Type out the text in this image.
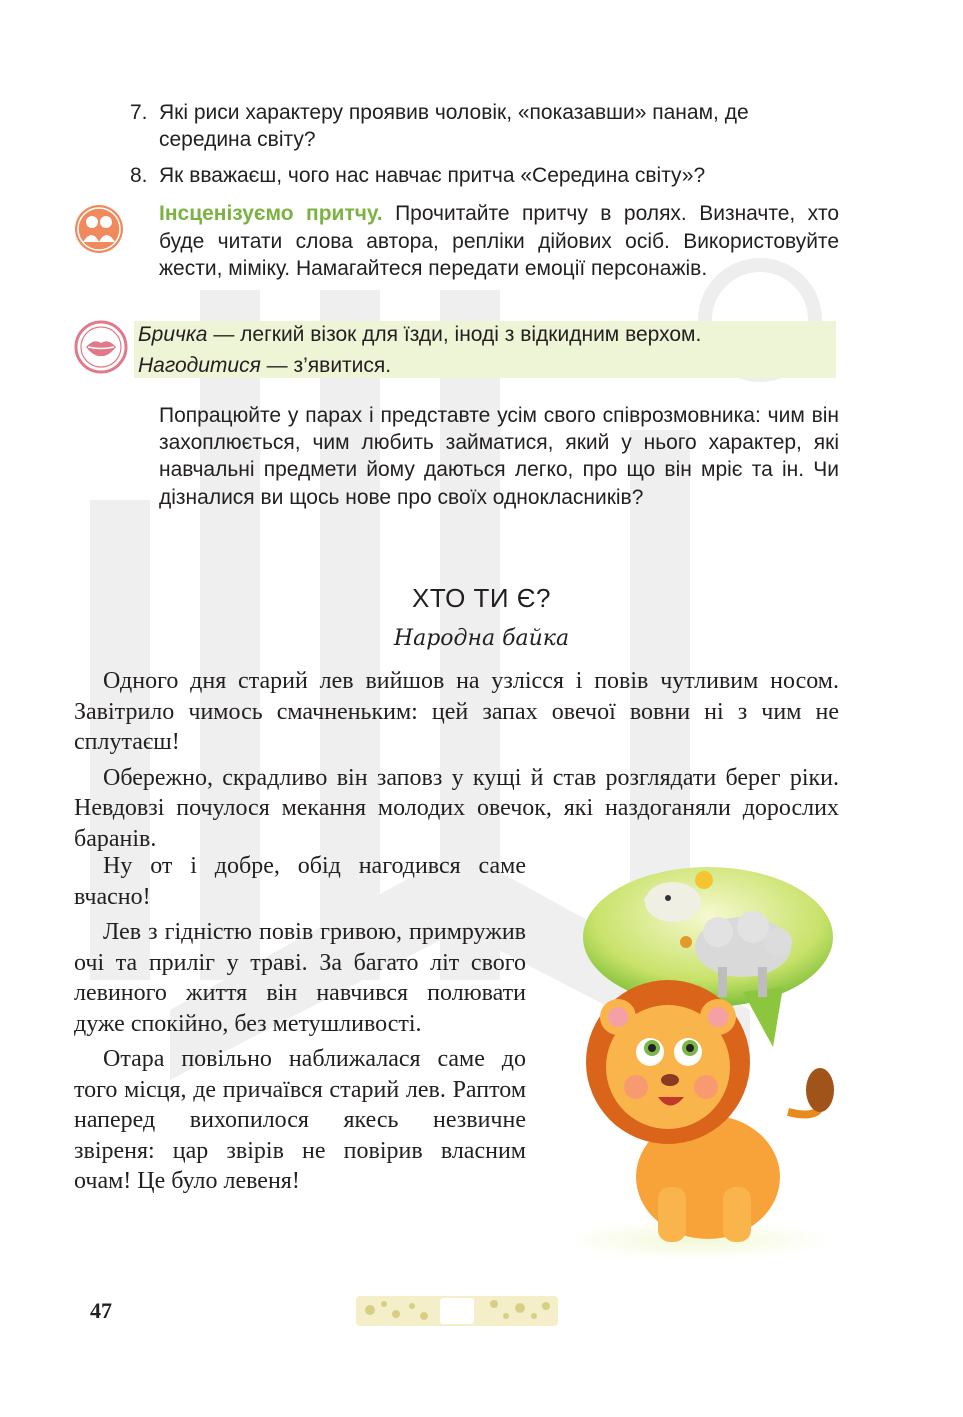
7. Які риси характеру проявив чоловік, «показавши» панам, де середина світу?
8. Як вважаєш, чого нас навчає притча «Середина світу»?
Інсценізуємо притчу. Прочитайте притчу в ролях. Визначте, хто буде читати слова автора, репліки дійових осіб. Використовуйте жести, міміку. Намагайтеся передати емоції персонажів.
Бричка — легкий візок для їзди, іноді з відкидним верхом.
Нагодитися — з’явитися.
Попрацюйте у парах і представте усім свого співрозмовника: чим він захоплюється, чим любить займатися, який у нього характер, які навчальні предмети йому даються легко, про що він мріє та ін. Чи дізналися ви щось нове про своїх однокласників?
ХТО ТИ Є?
Народна байка

Одного дня старий лев вийшов на узлісся і повів чутливим носом. Завітрило чимось смачненьким: цей запах овечої вовни ні з чим не сплутаєш!

Обережно, скрадливо він заповз у кущі й став розглядати берег ріки. Невдовзі почулося мекання молодих овечок, які наздоганяли дорослих баранів.

Ну от і добре, обід нагодився саме вчасно!

Лев з гідністю повів гривою, примружив очі та приліг у траві. За багато літ свого левиного життя він навчився полювати дуже спокійно, без метушливості.

Отара повільно наближалася саме до того місця, де причаївся старий лев. Раптом наперед вихопилося якесь незвичне звіреня: цар звірів не повірив власним очам! Це було левеня!

47
